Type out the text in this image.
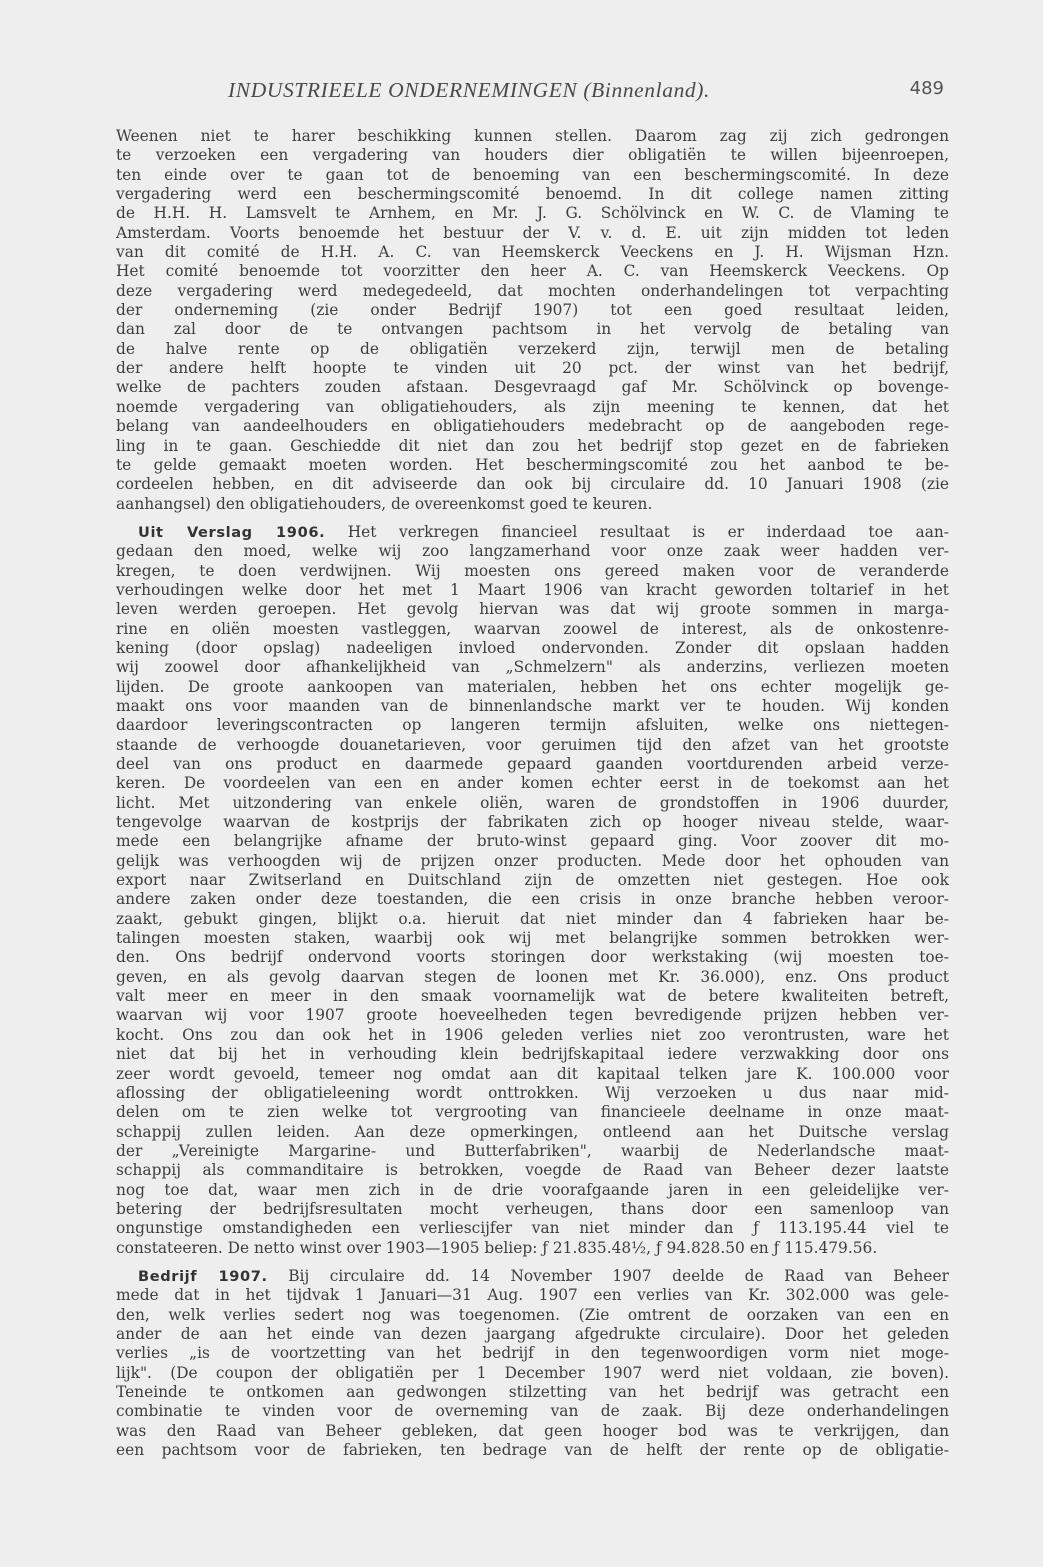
INDUSTRIEELE ONDERNEMINGEN (Binnenland).	489
Weenen niet te harer beschikking kunnen stellen. Daarom zag zij zich gedrongen
te verzoeken een vergadering van houders dier obligatiën te willen bijeenroepen,
ten einde over te gaan tot de benoeming van een beschermingscomité. In deze
vergadering werd een beschermingscomité benoemd. In dit college namen zitting
de H.H. H. Lamsvelt te Arnhem, en Mr. J. G. Schölvinck en W. C. de Vlaming te
Amsterdam. Voorts benoemde het bestuur der V. v. d. E. uit zijn midden tot leden
van dit comité de H.H. A. C. van Heemskerck Veeckens en J. H. Wijsman Hzn.
Het comité benoemde tot voorzitter den heer A. C. van Heemskerck Veeckens. Op
deze vergadering werd medegedeeld, dat mochten onderhandelingen tot verpachting
der onderneming (zie onder Bedrijf 1907) tot een goed resultaat leiden,
dan zal door de te ontvangen pachtsom in het vervolg de betaling van
de halve rente op de obligatiën verzekerd zijn, terwijl men de betaling
der andere helft hoopte te vinden uit 20 pct. der winst van het bedrijf,
welke de pachters zouden afstaan. Desgevraagd gaf Mr. Schölvinck op bovenge-
noemde vergadering van obligatiehouders, als zijn meening te kennen, dat het
belang van aandeelhouders en obligatiehouders medebracht op de aangeboden rege-
ling in te gaan. Geschiedde dit niet dan zou het bedrijf stop gezet en de fabrieken
te gelde gemaakt moeten worden. Het beschermingscomité zou het aanbod te be-
cordeelen hebben, en dit adviseerde dan ook bij circulaire dd. 10 Januari 1908 (zie
aanhangsel) den obligatiehouders, de overeenkomst goed te keuren.
Uit Verslag 1906. Het verkregen financieel resultaat is er inderdaad toe aan-
gedaan den moed, welke wij zoo langzamerhand voor onze zaak weer hadden ver-
kregen, te doen verdwijnen. Wij moesten ons gereed maken voor de veranderde
verhoudingen welke door het met 1 Maart 1906 van kracht geworden toltarief in het
leven werden geroepen. Het gevolg hiervan was dat wij groote sommen in marga-
rine en oliën moesten vastleggen, waarvan zoowel de interest, als de onkostenre-
kening (door opslag) nadeeligen invloed ondervonden. Zonder dit opslaan hadden
wij zoowel door afhankelijkheid van „Schmelzern" als anderzins, verliezen moeten
lijden. De groote aankoopen van materialen, hebben het ons echter mogelijk ge-
maakt ons voor maanden van de binnenlandsche markt ver te houden. Wij konden
daardoor leveringscontracten op langeren termijn afsluiten, welke ons niettegen-
staande de verhoogde douanetarieven, voor geruimen tijd den afzet van het grootste
deel van ons product en daarmede gepaard gaanden voortdurenden arbeid verze-
keren. De voordeelen van een en ander komen echter eerst in de toekomst aan het
licht. Met uitzondering van enkele oliën, waren de grondstoffen in 1906 duurder,
tengevolge waarvan de kostprijs der fabrikaten zich op hooger niveau stelde, waar-
mede een belangrijke afname der bruto-winst gepaard ging. Voor zoover dit mo-
gelijk was verhoogden wij de prijzen onzer producten. Mede door het ophouden van
export naar Zwitserland en Duitschland zijn de omzetten niet gestegen. Hoe ook
andere zaken onder deze toestanden, die een crisis in onze branche hebben veroor-
zaakt, gebukt gingen, blijkt o.a. hieruit dat niet minder dan 4 fabrieken haar be-
talingen moesten staken, waarbij ook wij met belangrijke sommen betrokken wer-
den. Ons bedrijf ondervond voorts storingen door werkstaking (wij moesten toe-
geven, en als gevolg daarvan stegen de loonen met Kr. 36.000), enz. Ons product
valt meer en meer in den smaak voornamelijk wat de betere kwaliteiten betreft,
waarvan wij voor 1907 groote hoeveelheden tegen bevredigende prijzen hebben ver-
kocht. Ons zou dan ook het in 1906 geleden verlies niet zoo verontrusten, ware het
niet dat bij het in verhouding klein bedrijfskapitaal iedere verzwakking door ons
zeer wordt gevoeld, temeer nog omdat aan dit kapitaal telken jare K. 100.000 voor
aflossing der obligatieleening wordt onttrokken. Wij verzoeken u dus naar mid-
delen om te zien welke tot vergrooting van financieele deelname in onze maat-
schappij zullen leiden. Aan deze opmerkingen, ontleend aan het Duitsche verslag
der „Vereinigte Margarine- und Butterfabriken", waarbij de Nederlandsche maat-
schappij als commanditaire is betrokken, voegde de Raad van Beheer dezer laatste
nog toe dat, waar men zich in de drie voorafgaande jaren in een geleidelijke ver-
betering der bedrijfsresultaten mocht verheugen, thans door een samenloop van
ongunstige omstandigheden een verliescijfer van niet minder dan ƒ 113.195.44 viel te
constateeren. De netto winst over 1903—1905 beliep: ƒ 21.835.48½, ƒ 94.828.50 en ƒ 115.479.56.
Bedrijf 1907. Bij circulaire dd. 14 November 1907 deelde de Raad van Beheer
mede dat in het tijdvak 1 Januari—31 Aug. 1907 een verlies van Kr. 302.000 was gele-
den, welk verlies sedert nog was toegenomen. (Zie omtrent de oorzaken van een en
ander de aan het einde van dezen jaargang afgedrukte circulaire). Door het geleden
verlies „is de voortzetting van het bedrijf in den tegenwoordigen vorm niet moge-
lijk". (De coupon der obligatiën per 1 December 1907 werd niet voldaan, zie boven).
Teneinde te ontkomen aan gedwongen stilzetting van het bedrijf was getracht een
combinatie te vinden voor de overneming van de zaak. Bij deze onderhandelingen
was den Raad van Beheer gebleken, dat geen hooger bod was te verkrijgen, dan
een pachtsom voor de fabrieken, ten bedrage van de helft der rente op de obligatie-
